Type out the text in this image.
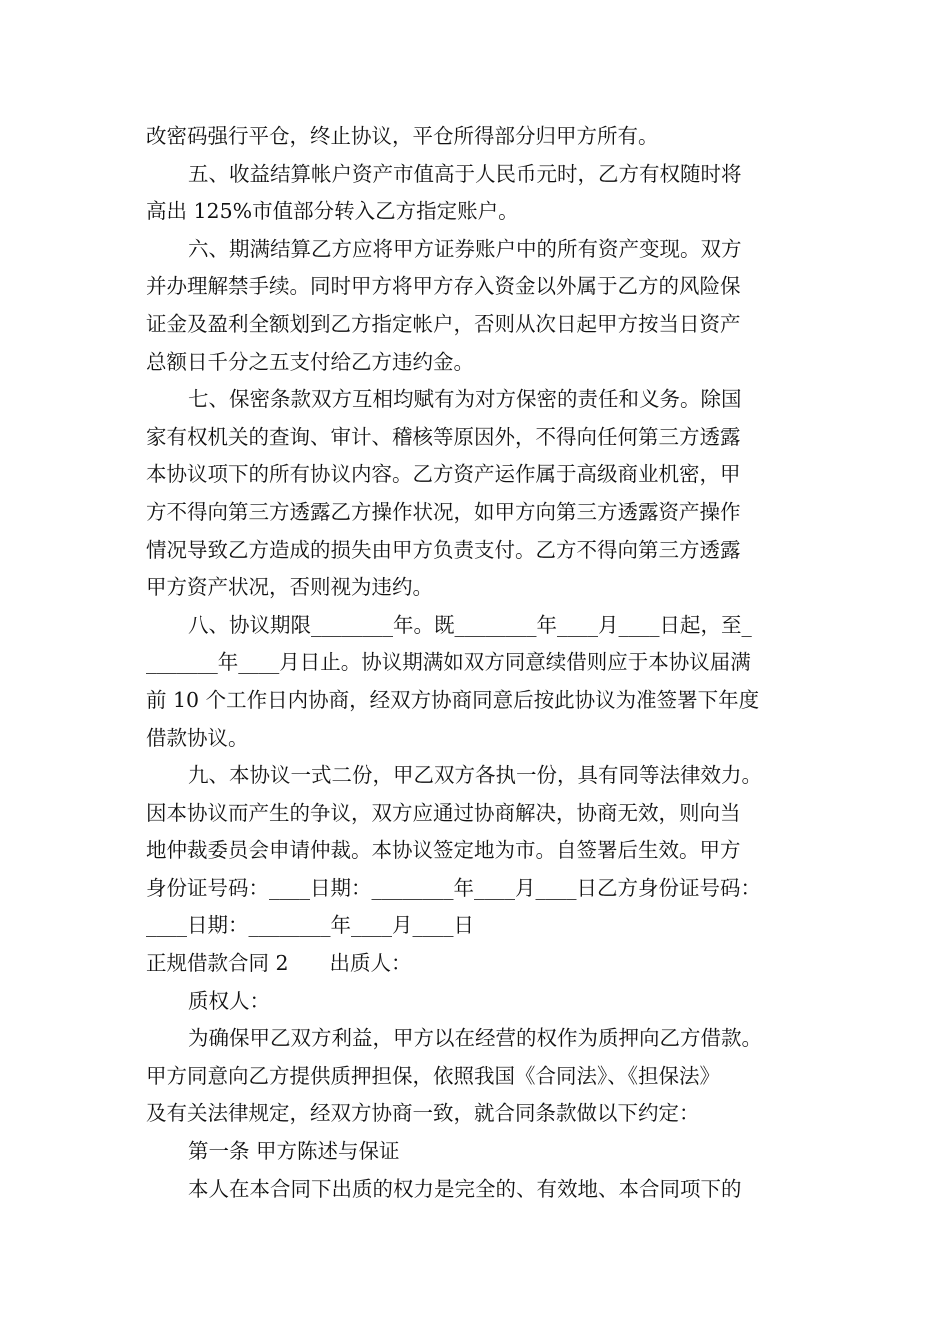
改密码强行平仓，终止协议，平仓所得部分归甲方所有。
五、收益结算帐户资产市值高于人民币元时，乙方有权随时将
高出 125%市值部分转入乙方指定账户。
六、期满结算乙方应将甲方证券账户中的所有资产变现。双方
并办理解禁手续。同时甲方将甲方存入资金以外属于乙方的风险保
证金及盈利全额划到乙方指定帐户，否则从次日起甲方按当日资产
总额日千分之五支付给乙方违约金。
七、保密条款双方互相均赋有为对方保密的责任和义务。除国
家有权机关的查询、审计、稽核等原因外，不得向任何第三方透露
本协议项下的所有协议内容。乙方资产运作属于高级商业机密，甲
方不得向第三方透露乙方操作状况，如甲方向第三方透露资产操作
情况导致乙方造成的损失由甲方负责支付。乙方不得向第三方透露
甲方资产状况，否则视为违约。
八、协议期限________年。既________年____月____日起，至_
_______年____月日止。协议期满如双方同意续借则应于本协议届满
前 10 个工作日内协商，经双方协商同意后按此协议为准签署下年度
借款协议。
九、本协议一式二份，甲乙双方各执一份，具有同等法律效力。
因本协议而产生的争议，双方应通过协商解决，协商无效，则向当
地仲裁委员会申请仲裁。本协议签定地为市。自签署后生效。甲方
身份证号码：____日期：________年____月____日乙方身份证号码：
____日期：________年____月____日
正规借款合同 2　　出质人：
质权人：
为确保甲乙双方利益，甲方以在经营的权作为质押向乙方借款。
甲方同意向乙方提供质押担保，依照我国《合同法》、《担保法》
及有关法律规定，经双方协商一致，就合同条款做以下约定：
第一条 甲方陈述与保证
本人在本合同下出质的权力是完全的、有效地、本合同项下的
